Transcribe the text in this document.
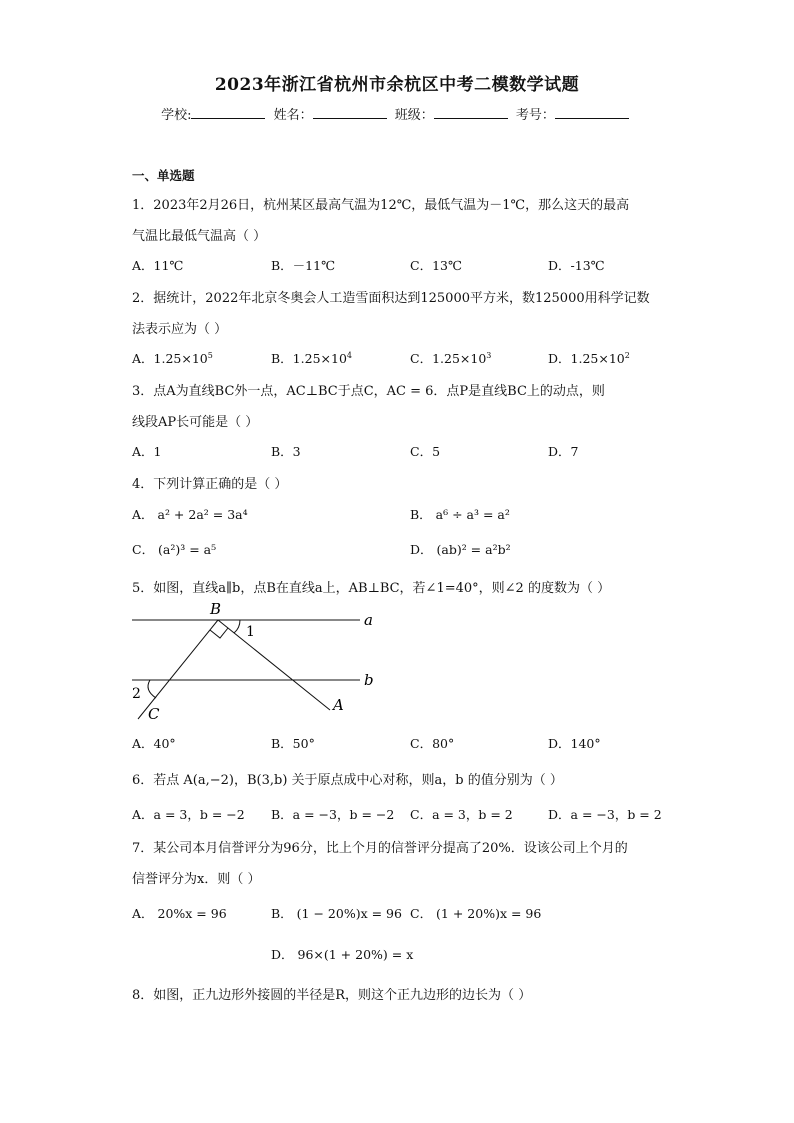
2023年浙江省杭州市余杭区中考二模数学试题
学校:	姓名：	班级：	考号：
一、单选题
1．2023年2月26日，杭州某区最高气温为12℃，最低气温为－1℃，那么这天的最高
气温比最低气温高（ ）
A．11℃	B．－11℃	C．13℃	D．-13℃
2．据统计，2022年北京冬奥会人工造雪面积达到125000平方米，数125000用科学记数
法表示应为（ ）
A．$1.25\times 10^5$	B．$1.25\times 10^4$	C．$1.25\times 10^3$	D．$1.25\times 10^2$
3．点A为直线BC外一点，AC⊥BC于点C，AC = 6．点P是直线BC上的动点，则
线段AP长可能是（ ）
A．1	B．3	C．5	D．7
4．下列计算正确的是（ ）
A． a² + 2a² = 3a⁴	B． a⁶ ÷ a³ = a²
C． (a²)³ = a⁵	D． (ab)² = a²b²
5．如图，直线a∥b，点B在直线a上，AB⊥BC，若∠1=40°，则∠2 的度数为（ ）
B
1
a
b
2
C	A
A．40°	B．50°	C．80°	D．140°
6．若点 A(a,−2)，B(3,b) 关于原点成中心对称，则a，b 的值分别为（ ）
A．a = 3，b = −2 B．a = −3，b = −2 C．a = 3，b = 2	D．a = −3，b = 2
7．某公司本月信誉评分为96分，比上个月的信誉评分提高了20%．设该公司上个月的
信誉评分为x．则（ ）
A． 20%x = 96	B． (1 − 20%)x = 96 C． (1 + 20%)x = 96
D． 96×(1 + 20%) = x
8．如图，正九边形外接圆的半径是R，则这个正九边形的边长为（ ）
